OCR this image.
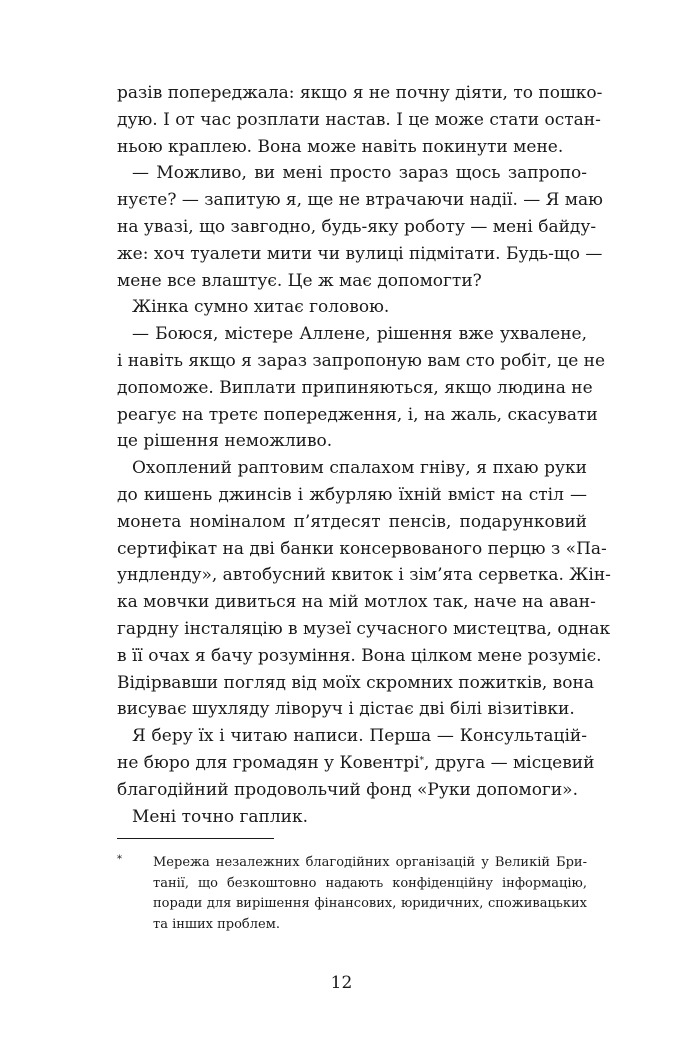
разів попереджала: якщо я не почну діяти, то пошко-
дую. І от час розплати настав. І це може стати остан-
ньою краплею. Вона може навіть покинути мене.
— Можливо, ви мені просто зараз щось запропо-
нуєте? — запитую я, ще не втрачаючи надії. — Я маю
на увазі, що завгодно, будь-яку роботу — мені байду-
же: хоч туалети мити чи вулиці підмітати. Будь-що —
мене все влаштує. Це ж має допомогти?
Жінка сумно хитає головою.
— Боюся, містере Аллене, рішення вже ухвалене,
і навіть якщо я зараз запропоную вам сто робіт, це не
допоможе. Виплати припиняються, якщо людина не
реагує на третє попередження, і, на жаль, скасувати
це рішення неможливо.
Охоплений раптовим спалахом гніву, я пхаю руки
до кишень джинсів і жбурляю їхній вміст на стіл —
монета номіналом п’ятдесят пенсів, подарунковий
сертифікат на дві банки консервованого перцю з «Па-
ундленду», автобусний квиток і зім’ята серветка. Жін-
ка мовчки дивиться на мій мотлох так, наче на аван-
гардну інсталяцію в музеї сучасного мистецтва, однак
в її очах я бачу розуміння. Вона цілком мене розуміє.
Відірвавши погляд від моїх скромних пожитків, вона
висуває шухляду ліворуч і дістає дві білі візитівки.
Я беру їх і читаю написи. Перша — Консультацій-
не бюро для громадян у Ковентрі*, друга — місцевий
благодійний продовольчий фонд «Руки допомоги».
Мені точно гаплик.
* Мережа незалежних благодійних організацій у Великій Бри-
танії, що безкоштовно надають конфіденційну інформацію,
поради для вирішення фінансових, юридичних, споживацьких
та інших проблем.
12
